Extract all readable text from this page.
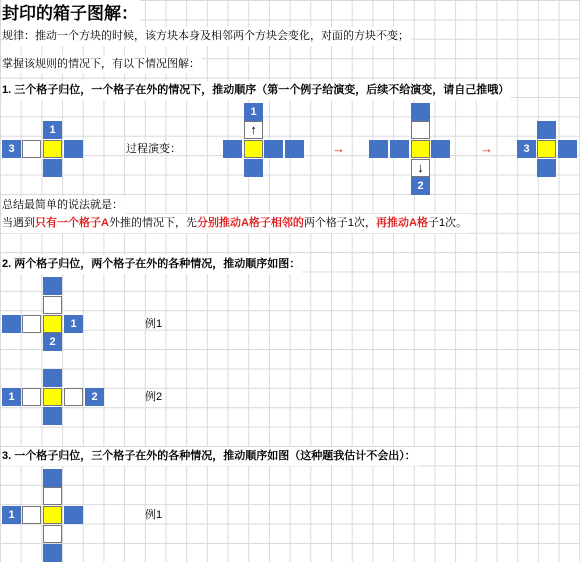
封印的箱子图解：
规律：推动一个方块的时候，该方块本身及相邻两个方块会变化，对面的方块不变；
掌握该规则的情况下，有以下情况图解：
1. 三个格子归位，一个格子在外的情况下，推动顺序（第一个例子给演变，后续不给演变，请自己推哦）
3
1
过程演变：
1
↑
→
↓
2
→	3
总结最简单的说法就是：
当遇到只有一个格子A外推的情况下，先分别推动A格子相邻的两个格子1次，再推动A格子1次。
2. 两个格子归位，两个格子在外的各种情况，推动顺序如图：
1
2
例1
1	2	例2
3. 一个格子归位，三个格子在外的各种情况，推动顺序如图（这种题我估计不会出）：
1	例1
